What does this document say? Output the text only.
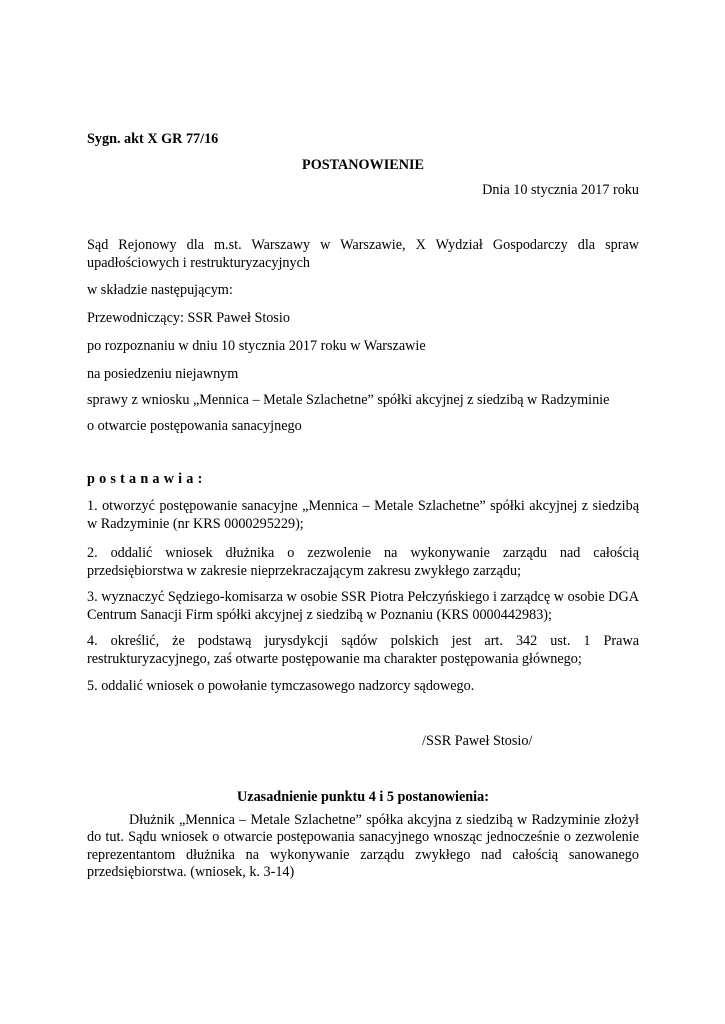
Sygn. akt X GR 77/16
POSTANOWIENIE
Dnia 10 stycznia 2017 roku
Sąd Rejonowy dla m.st. Warszawy w Warszawie, X Wydział Gospodarczy dla spraw upadłościowych i restrukturyzacyjnych
w składzie następującym:
Przewodniczący: SSR Paweł Stosio
po rozpoznaniu w dniu 10 stycznia 2017 roku w Warszawie
na posiedzeniu niejawnym
sprawy z wniosku „Mennica – Metale Szlachetne” spółki akcyjnej z siedzibą w Radzyminie
o otwarcie postępowania sanacyjnego
postanawia:
1. otworzyć postępowanie sanacyjne „Mennica – Metale Szlachetne” spółki akcyjnej z siedzibą w Radzyminie (nr KRS 0000295229);
2. oddalić wniosek dłużnika o zezwolenie na wykonywanie zarządu nad całością przedsiębiorstwa w zakresie nieprzekraczającym zakresu zwykłego zarządu;
3. wyznaczyć Sędziego-komisarza w osobie SSR Piotra Pełczyńskiego i zarządcę w osobie DGA Centrum Sanacji Firm spółki akcyjnej z siedzibą w Poznaniu (KRS 0000442983);
4. określić, że podstawą jurysdykcji sądów polskich jest art. 342 ust. 1 Prawa restrukturyzacyjnego, zaś otwarte postępowanie ma charakter postępowania głównego;
5. oddalić wniosek o powołanie tymczasowego nadzorcy sądowego.
/SSR Paweł Stosio/
Uzasadnienie punktu 4 i 5 postanowienia:
Dłużnik „Mennica – Metale Szlachetne” spółka akcyjna z siedzibą w Radzyminie złożył do tut. Sądu wniosek o otwarcie postępowania sanacyjnego wnosząc jednocześnie o zezwolenie reprezentantom dłużnika na wykonywanie zarządu zwykłego nad całością sanowanego przedsiębiorstwa. (wniosek, k. 3-14)
